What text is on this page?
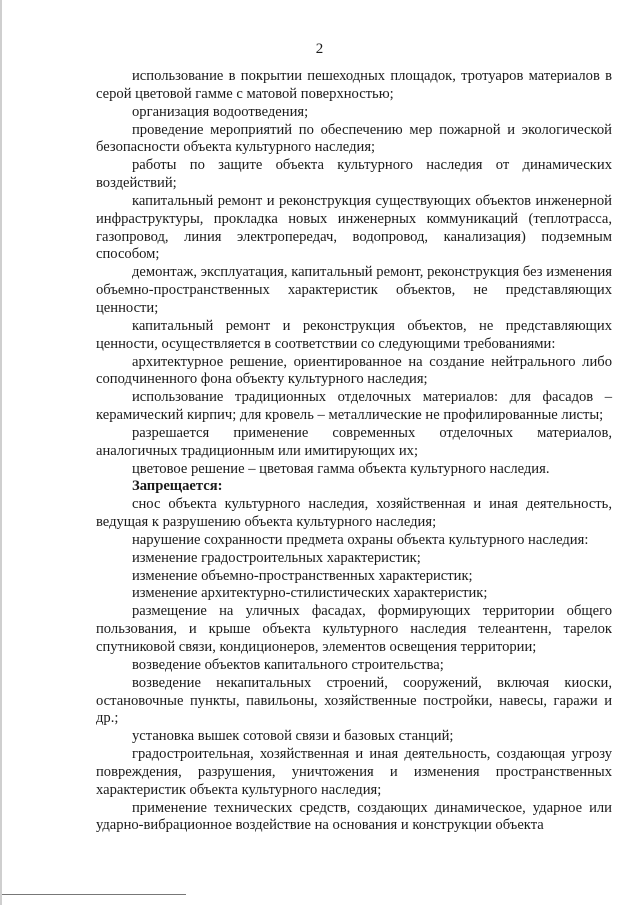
2

использование в покрытии пешеходных площадок, тротуаров материалов в серой цветовой гамме с матовой поверхностью;

организация водоотведения;

проведение мероприятий по обеспечению мер пожарной и экологической безопасности объекта культурного наследия;

работы по защите объекта культурного наследия от динамических воздействий;

капитальный ремонт и реконструкция существующих объектов инженерной инфраструктуры, прокладка новых инженерных коммуникаций (теплотрасса, газопровод, линия электропередач, водопровод, канализация) подземным способом;

демонтаж, эксплуатация, капитальный ремонт, реконструкция без изменения объемно-пространственных характеристик объектов, не представляющих ценности;

капитальный ремонт и реконструкция объектов, не представляющих ценности, осуществляется в соответствии со следующими требованиями:

архитектурное решение, ориентированное на создание нейтрального либо соподчиненного фона объекту культурного наследия;

использование традиционных отделочных материалов: для фасадов – керамический кирпич; для кровель – металлические не профилированные листы;

разрешается применение современных отделочных материалов, аналогичных традиционным или имитирующих их;

цветовое решение – цветовая гамма объекта культурного наследия.

Запрещается:

снос объекта культурного наследия, хозяйственная и иная деятельность, ведущая к разрушению объекта культурного наследия;

нарушение сохранности предмета охраны объекта культурного наследия:

изменение градостроительных характеристик;

изменение объемно-пространственных характеристик;

изменение архитектурно-стилистических характеристик;

размещение на уличных фасадах, формирующих территории общего пользования, и крыше объекта культурного наследия телеантенн, тарелок спутниковой связи, кондиционеров, элементов освещения территории;

возведение объектов капитального строительства;

возведение некапитальных строений, сооружений, включая киоски, остановочные пункты, павильоны, хозяйственные постройки, навесы, гаражи и др.;

установка вышек сотовой связи и базовых станций;

градостроительная, хозяйственная и иная деятельность, создающая угрозу повреждения, разрушения, уничтожения и изменения пространственных характеристик объекта культурного наследия;

применение технических средств, создающих динамическое, ударное или ударно-вибрационное воздействие на основания и конструкции объекта
